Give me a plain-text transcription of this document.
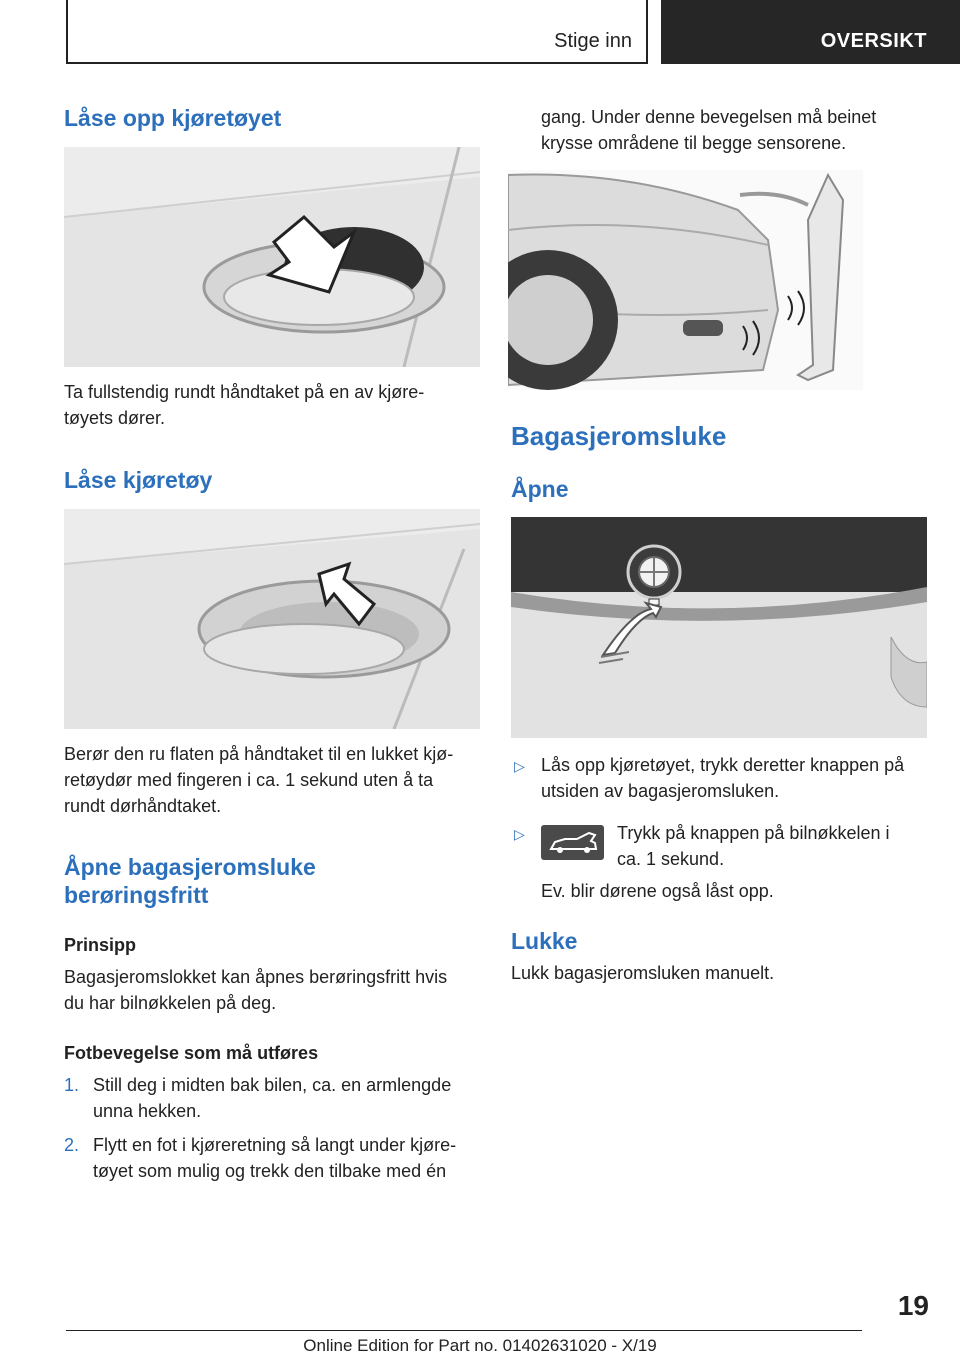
Stige inn	OVERSIKT
Låse opp kjøretøyet
Ta fullstendig rundt håndtaket på en av kjøre-
tøyets dører.
Låse kjøretøy
Berør den ru flaten på håndtaket til en lukket kjø-
retøydør med fingeren i ca. 1 sekund uten å ta
rundt dørhåndtaket.
Åpne bagasjeromsluke
berøringsfritt
Prinsipp
Bagasjeromslokket kan åpnes berøringsfritt hvis
du har bilnøkkelen på deg.
Fotbevegelse som må utføres
1. Still deg i midten bak bilen, ca. en armlengde
unna hekken.
2. Flytt en fot i kjøreretning så langt under kjøre-
tøyet som mulig og trekk den tilbake med én
gang. Under denne bevegelsen må beinet
krysse områdene til begge sensorene.
Bagasjeromsluke
Åpne
▷ Lås opp kjøretøyet, trykk deretter knappen på
utsiden av bagasjeromsluken.
▷	Trykk på knappen på bilnøkkelen i
ca. 1 sekund.
Ev. blir dørene også låst opp.
Lukke
Lukk bagasjeromsluken manuelt.
19
Online Edition for Part no. 01402631020 - X/19
